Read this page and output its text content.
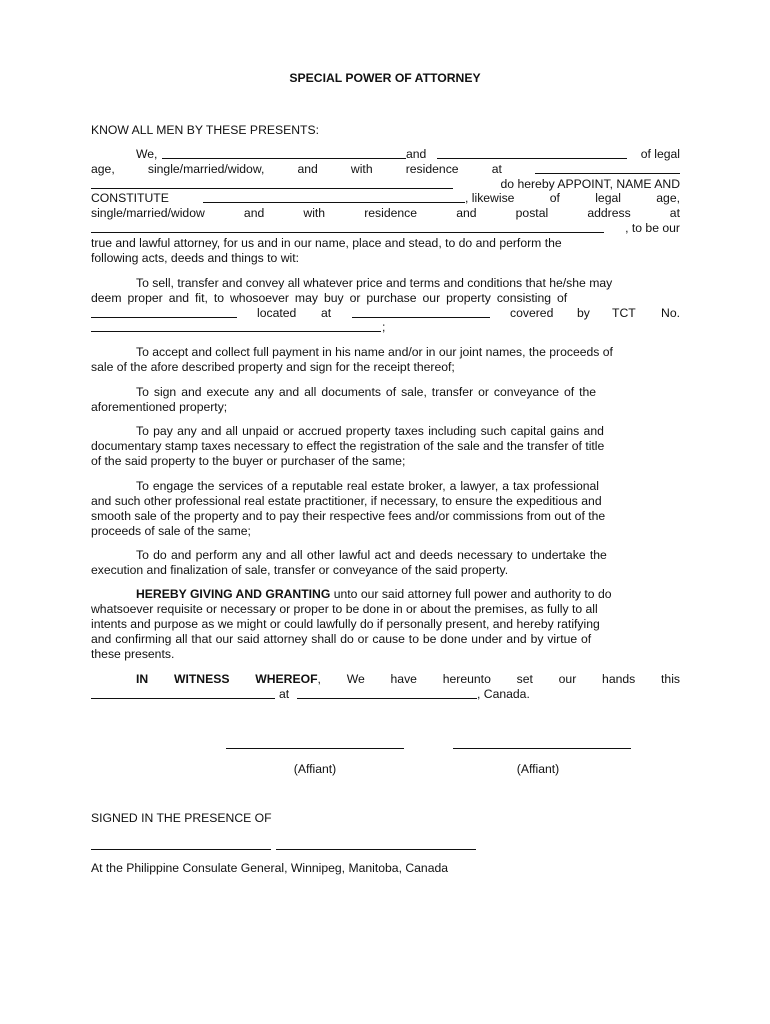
SPECIAL POWER OF ATTORNEY
KNOW ALL MEN BY THESE PRESENTS:
We,	and	of legal
age,	single/married/widow,	and	with	residence	at
do hereby APPOINT, NAME AND
CONSTITUTE	, likewise	of	legal	age,
single/married/widow	and	with	residence	and	postal	address	at
, to be our
true and lawful attorney, for us and in our name, place and stead, to do and perform the
following acts, deeds and things to wit:
To sell, transfer and convey all whatever price and terms and conditions that he/she may
deem proper and fit, to whosoever may buy or purchase our property consisting of
located at	covered by TCT No.
;
To accept and collect full payment in his name and/or in our joint names, the proceeds of
sale of the afore described property and sign for the receipt thereof;
To sign and execute any and all documents of sale, transfer or conveyance of the
aforementioned property;
To pay any and all unpaid or accrued property taxes including such capital gains and
documentary stamp taxes necessary to effect the registration of the sale and the transfer of title
of the said property to the buyer or purchaser of the same;
To engage the services of a reputable real estate broker, a lawyer, a tax professional
and such other professional real estate practitioner, if necessary, to ensure the expeditious and
smooth sale of the property and to pay their respective fees and/or commissions from out of the
proceeds of sale of the same;
To do and perform any and all other lawful act and deeds necessary to undertake the
execution and finalization of sale, transfer or conveyance of the said property.
HEREBY GIVING AND GRANTING unto our said attorney full power and authority to do
whatsoever requisite or necessary or proper to be done in or about the premises, as fully to all
intents and purpose as we might or could lawfully do if personally present, and hereby ratifying
and confirming all that our said attorney shall do or cause to be done under and by virtue of
these presents.
IN WITNESS WHEREOF, We have hereunto set our hands this
at	, Canada.
(Affiant)	(Affiant)
SIGNED IN THE PRESENCE OF
At the Philippine Consulate General, Winnipeg, Manitoba, Canada
